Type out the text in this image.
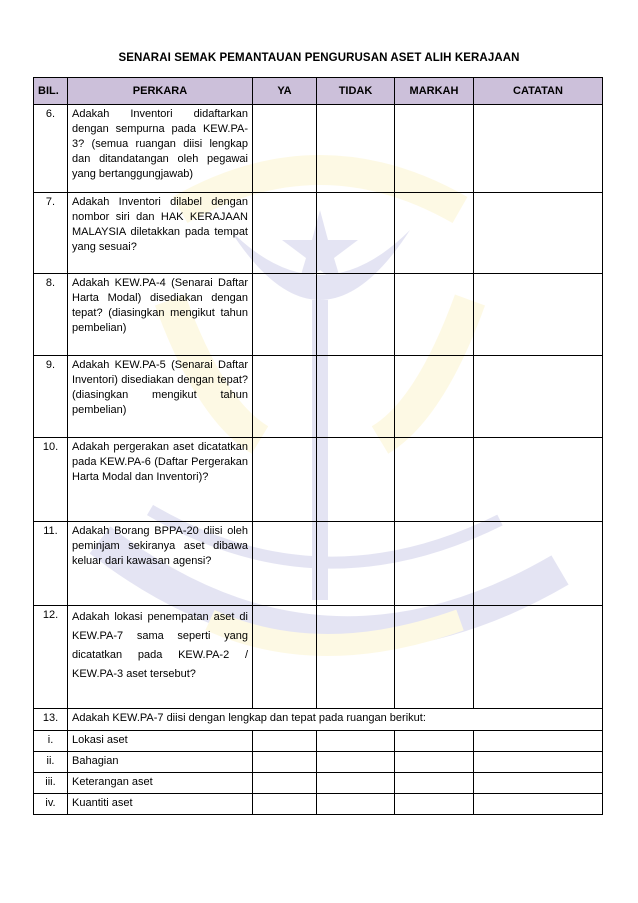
SENARAI SEMAK PEMANTAUAN PENGURUSAN ASET ALIH KERAJAAN
BIL.	PERKARA	YA	TIDAK	MARKAH	CATATAN
6.	Adakah Inventori didaftarkan dengan sempurna pada KEW.PA-3? (semua ruangan diisi lengkap dan ditandatangan oleh pegawai yang bertanggungjawab)				
7.	Adakah Inventori dilabel dengan nombor siri dan HAK KERAJAAN MALAYSIA diletakkan pada tempat yang sesuai?				
8.	Adakah KEW.PA-4 (Senarai Daftar Harta Modal) disediakan dengan tepat? (diasingkan mengikut tahun pembelian)				
9.	Adakah KEW.PA-5 (Senarai Daftar Inventori) disediakan dengan tepat? (diasingkan mengikut tahun pembelian)				
10.	Adakah pergerakan aset dicatatkan pada KEW.PA-6 (Daftar Pergerakan Harta Modal dan Inventori)?				
11.	Adakah Borang BPPA-20 diisi oleh peminjam sekiranya aset dibawa keluar dari kawasan agensi?				
12.	Adakah lokasi penempatan aset di KEW.PA-7 sama seperti yang dicatatkan pada KEW.PA-2 / KEW.PA-3 aset tersebut?				
13.	Adakah KEW.PA-7 diisi dengan lengkap dan tepat pada ruangan berikut:				
i.	Lokasi aset				
ii.	Bahagian				
iii.	Keterangan aset				
iv.	Kuantiti aset				
